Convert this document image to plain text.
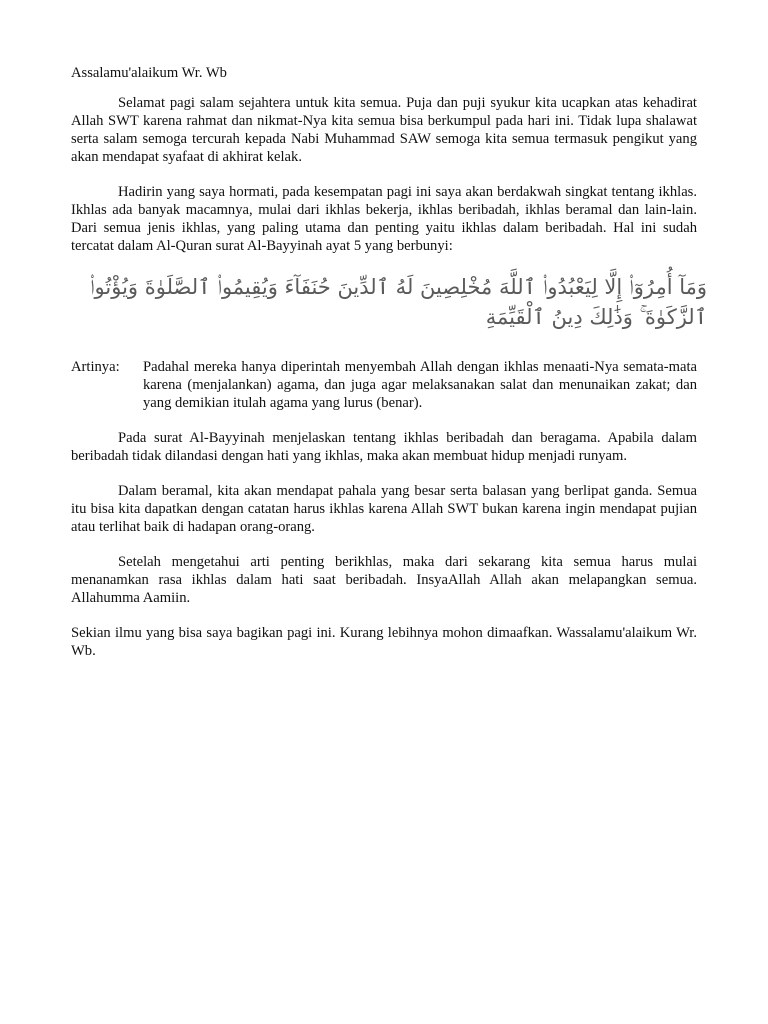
Assalamu'alaikum Wr. Wb

Selamat pagi salam sejahtera untuk kita semua. Puja dan puji syukur kita ucapkan atas kehadirat Allah SWT karena rahmat dan nikmat-Nya kita semua bisa berkumpul pada hari ini. Tidak lupa shalawat serta salam semoga tercurah kepada Nabi Muhammad SAW semoga kita semua termasuk pengikut yang akan mendapat syafaat di akhirat kelak.

Hadirin yang saya hormati, pada kesempatan pagi ini saya akan berdakwah singkat tentang ikhlas. Ikhlas ada banyak macamnya, mulai dari ikhlas bekerja, ikhlas beribadah, ikhlas beramal dan lain-lain. Dari semua jenis ikhlas, yang paling utama dan penting yaitu ikhlas dalam beribadah. Hal ini sudah tercatat dalam Al-Quran surat Al-Bayyinah ayat 5 yang berbunyi:

وَمَآ أُمِرُوٓا۟ إِلَّا لِيَعْبُدُوا۟ ٱللَّهَ مُخْلِصِينَ لَهُ ٱلدِّينَ حُنَفَآءَ وَيُقِيمُوا۟ ٱلصَّلَوٰةَ وَيُؤْتُوا۟ ٱلزَّكَوٰةَ ۚ وَذَٰلِكَ دِينُ ٱلْقَيِّمَةِ
Artinya:	Padahal mereka hanya diperintah menyembah Allah dengan ikhlas menaati-Nya semata-mata karena (menjalankan) agama, dan juga agar melaksanakan salat dan menunaikan zakat; dan yang demikian itulah agama yang lurus (benar).

Pada surat Al-Bayyinah menjelaskan tentang ikhlas beribadah dan beragama. Apabila dalam beribadah tidak dilandasi dengan hati yang ikhlas, maka akan membuat hidup menjadi runyam.

Dalam beramal, kita akan mendapat pahala yang besar serta balasan yang berlipat ganda. Semua itu bisa kita dapatkan dengan catatan harus ikhlas karena Allah SWT bukan karena ingin mendapat pujian atau terlihat baik di hadapan orang-orang.

Setelah mengetahui arti penting berikhlas, maka dari sekarang kita semua harus mulai menanamkan rasa ikhlas dalam hati saat beribadah. InsyaAllah Allah akan melapangkan semua. Allahumma Aamiin.

Sekian ilmu yang bisa saya bagikan pagi ini. Kurang lebihnya mohon dimaafkan. Wassalamu'alaikum Wr. Wb.
